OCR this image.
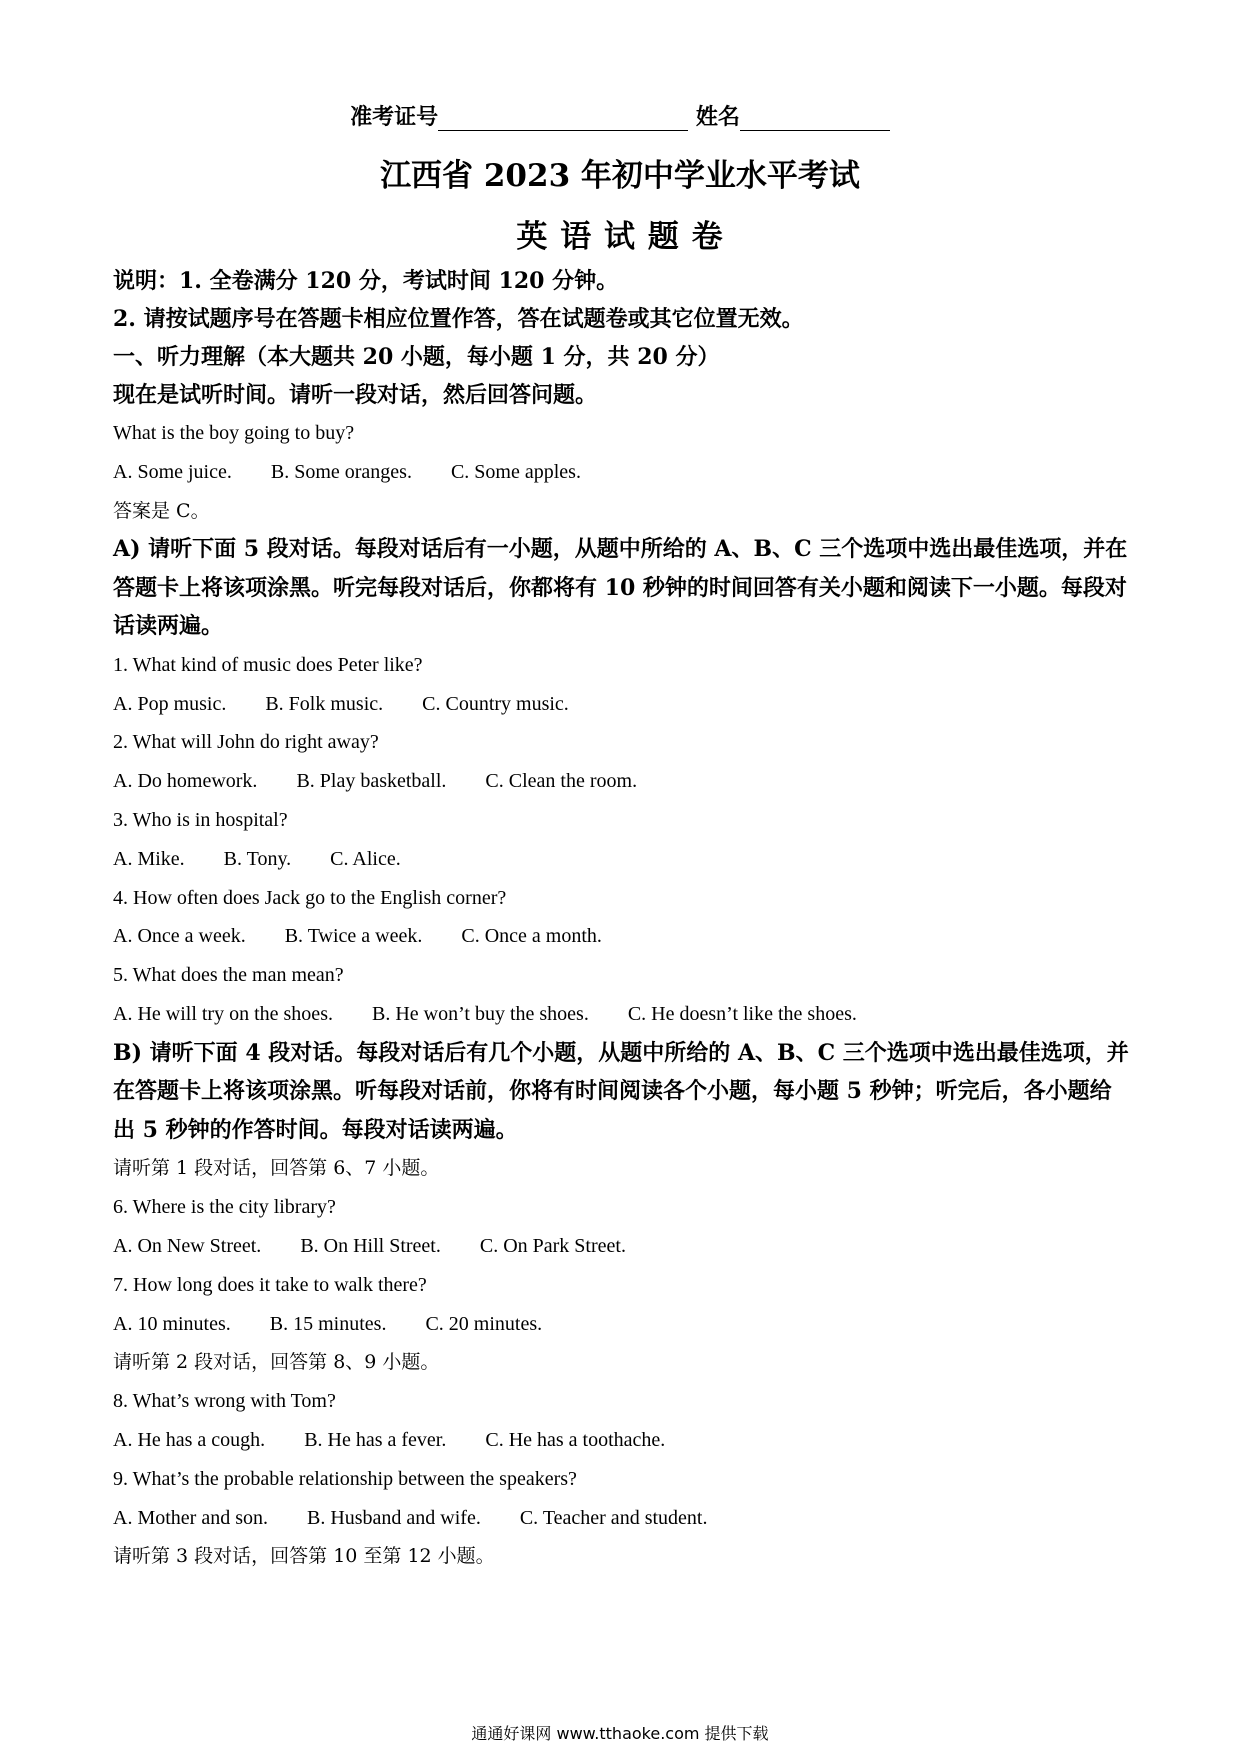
准考证号	姓名
江西省 2023 年初中学业水平考试
英 语 试 题 卷
说明：1. 全卷满分 120 分，考试时间 120 分钟。
2. 请按试题序号在答题卡相应位置作答，答在试题卷或其它位置无效。
一、听力理解（本大题共 20 小题，每小题 1 分，共 20 分）
现在是试听时间。请听一段对话，然后回答问题。
What is the boy going to buy?
A. Some juice. B. Some oranges. C. Some apples.
答案是 C。
A) 请听下面 5 段对话。每段对话后有一小题，从题中所给的 A、B、C 三个选项中选出最佳选项，并在答题卡上将该项涂黑。听完每段对话后，你都将有 10 秒钟的时间回答有关小题和阅读下一小题。每段对话读两遍。
1. What kind of music does Peter like?
A. Pop music. B. Folk music. C. Country music.
2. What will John do right away?
A. Do homework. B. Play basketball. C. Clean the room.
3. Who is in hospital?
A. Mike. B. Tony. C. Alice.
4. How often does Jack go to the English corner?
A. Once a week. B. Twice a week. C. Once a month.
5. What does the man mean?
A. He will try on the shoes. B. He won’t buy the shoes. C. He doesn’t like the shoes.
B) 请听下面 4 段对话。每段对话后有几个小题，从题中所给的 A、B、C 三个选项中选出最佳选项，并在答题卡上将该项涂黑。听每段对话前，你将有时间阅读各个小题，每小题 5 秒钟；听完后，各小题给出 5 秒钟的作答时间。每段对话读两遍。
请听第 1 段对话，回答第 6、7 小题。
6. Where is the city library?
A. On New Street. B. On Hill Street. C. On Park Street.
7. How long does it take to walk there?
A. 10 minutes. B. 15 minutes. C. 20 minutes.
请听第 2 段对话，回答第 8、9 小题。
8. What’s wrong with Tom?
A. He has a cough. B. He has a fever. C. He has a toothache.
9. What’s the probable relationship between the speakers?
A. Mother and son. B. Husband and wife. C. Teacher and student.
请听第 3 段对话，回答第 10 至第 12 小题。
通通好课网 www.tthaoke.com 提供下载
